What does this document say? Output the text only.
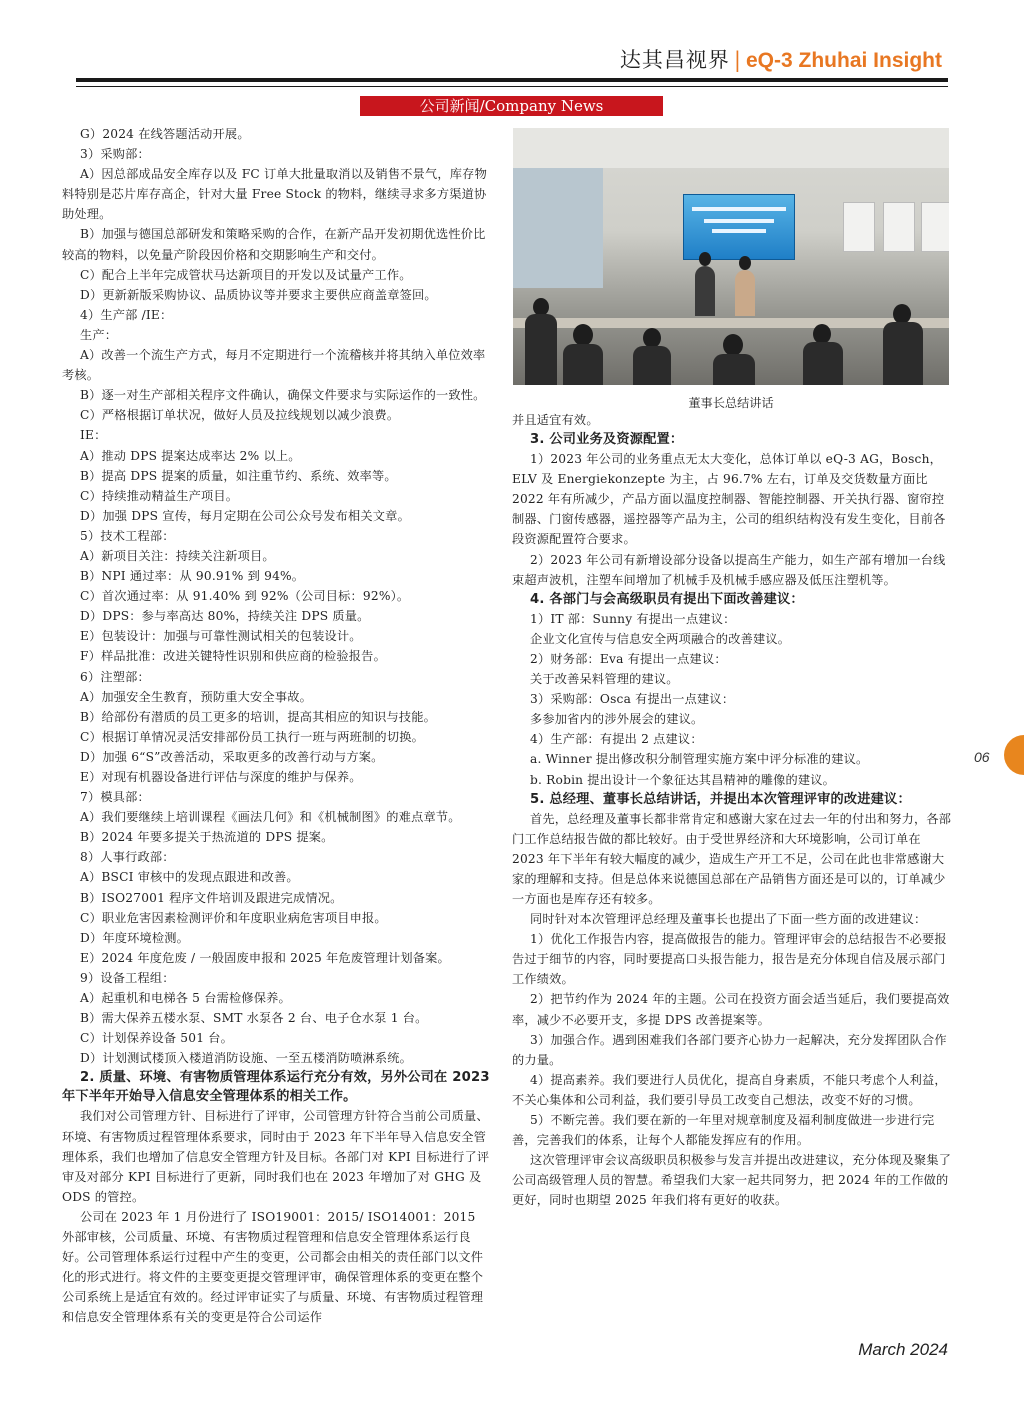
达其昌视界 | eQ-3 Zhuhai Insight
公司新闻/Company News

G）2024 在线答题活动开展。

3）采购部：

A）因总部成品安全库存以及 FC 订单大批量取消以及销售不景气，库存物料特别是芯片库存高企，针对大量 Free Stock 的物料，继续寻求多方渠道协助处理。

B）加强与德国总部研发和策略采购的合作，在新产品开发初期优选性价比较高的物料，以免量产阶段因价格和交期影响生产和交付。

C）配合上半年完成管状马达新项目的开发以及试量产工作。

D）更新新版采购协议、品质协议等并要求主要供应商盖章签回。

4）生产部 /IE：

生产：

A）改善一个流生产方式，每月不定期进行一个流稽核并将其纳入单位效率考核。

B）逐一对生产部相关程序文件确认，确保文件要求与实际运作的一致性。

C）严格根据订单状况，做好人员及拉线规划以减少浪费。

IE：

A）推动 DPS 提案达成率达 2% 以上。

B）提高 DPS 提案的质量，如注重节约、系统、效率等。

C）持续推动精益生产项目。

D）加强 DPS 宣传，每月定期在公司公众号发布相关文章。

5）技术工程部：

A）新项目关注：持续关注新项目。

B）NPI 通过率：从 90.91% 到 94%。

C）首次通过率：从 91.40% 到 92%（公司目标：92%）。

D）DPS：参与率高达 80%，持续关注 DPS 质量。

E）包装设计：加强与可靠性测试相关的包装设计。

F）样品批准：改进关键特性识别和供应商的检验报告。

6）注塑部：

A）加强安全生教育，预防重大安全事故。

B）给部份有潜质的员工更多的培训，提高其相应的知识与技能。

C）根据订单情况灵活安排部份员工执行一班与两班制的切换。

D）加强 6“S”改善活动，采取更多的改善行动与方案。

E）对现有机器设备进行评估与深度的维护与保养。

7）模具部：

A）我们要继续上培训课程《画法几何》和《机械制图》的难点章节。

B）2024 年要多提关于热流道的 DPS 提案。

8）人事行政部：

A）BSCI 审核中的发现点跟进和改善。

B）ISO27001 程序文件培训及跟进完成情况。

C）职业危害因素检测评价和年度职业病危害项目申报。

D）年度环境检测。

E）2024 年度危废 / 一般固废申报和 2025 年危废管理计划备案。

9）设备工程组：

A）起重机和电梯各 5 台需检修保养。

B）需大保养五楼水泵、SMT 水泵各 2 台、电子仓水泵 1 台。

C）计划保养设备 501 台。

D）计划测试楼顶入楼道消防设施、一至五楼消防喷淋系统。

2. 质量、环境、有害物质管理体系运行充分有效，另外公司在 2023 年下半年开始导入信息安全管理体系的相关工作。

我们对公司管理方针、目标进行了评审，公司管理方针符合当前公司质量、环境、有害物质过程管理体系要求，同时由于 2023 年下半年导入信息安全管理体系，我们也增加了信息安全管理方针及目标。各部门对 KPI 目标进行了评审及对部分 KPI 目标进行了更新，同时我们也在 2023 年增加了对 GHG 及 ODS 的管控。

公司在 2023 年 1 月份进行了 ISO19001：2015/ ISO14001：2015 外部审核，公司质量、环境、有害物质过程管理和信息安全管理体系运行良好。公司管理体系运行过程中产生的变更，公司都会由相关的责任部门以文件化的形式进行。将文件的主要变更提交管理评审，确保管理体系的变更在整个公司系统上是适宜有效的。经过评审证实了与质量、环境、有害物质过程管理和信息安全管理体系有关的变更是符合公司运作

董事长总结讲话

并且适宜有效。

3. 公司业务及资源配置：

1）2023 年公司的业务重点无太大变化，总体订单以 eQ-3 AG，Bosch，ELV 及 Energiekonzepte 为主，占 96.7% 左右，订单及交货数量方面比 2022 年有所减少，产品方面以温度控制器、智能控制器、开关执行器、窗帘控制器、门窗传感器，遥控器等产品为主，公司的组织结构没有发生变化，目前各段资源配置符合要求。

2）2023 年公司有新增设部分设备以提高生产能力，如生产部有增加一台线束超声波机，注塑车间增加了机械手及机械手感应器及低压注塑机等。

4. 各部门与会高级职员有提出下面改善建议：

1）IT 部：Sunny 有提出一点建议：

企业文化宣传与信息安全两项融合的改善建议。

2）财务部：Eva 有提出一点建议：

关于改善呆料管理的建议。

3）采购部：Osca 有提出一点建议：

多参加省内的涉外展会的建议。

4）生产部：有提出 2 点建议：

a. Winner 提出修改积分制管理实施方案中评分标准的建议。

b. Robin 提出设计一个象征达其昌精神的雕像的建议。

5. 总经理、董事长总结讲话，并提出本次管理评审的改进建议：

首先，总经理及董事长都非常肯定和感谢大家在过去一年的付出和努力，各部门工作总结报告做的都比较好。由于受世界经济和大环境影响，公司订单在 2023 年下半年有较大幅度的减少，造成生产开工不足，公司在此也非常感谢大家的理解和支持。但是总体来说德国总部在产品销售方面还是可以的，订单减少一方面也是库存还有较多。

同时针对本次管理评总经理及董事长也提出了下面一些方面的改进建议：

1）优化工作报告内容，提高做报告的能力。管理评审会的总结报告不必要报告过于细节的内容，同时要提高口头报告能力，报告是充分体现自信及展示部门工作绩效。

2）把节约作为 2024 年的主题。公司在投资方面会适当延后，我们要提高效率，减少不必要开支，多提 DPS 改善提案等。

3）加强合作。遇到困难我们各部门要齐心协力一起解决，充分发挥团队合作的力量。

4）提高素养。我们要进行人员优化，提高自身素质，不能只考虑个人利益，不关心集体和公司利益，我们要引导员工改变自己想法，改变不好的习惯。

5）不断完善。我们要在新的一年里对规章制度及福利制度做进一步进行完善，完善我们的体系，让每个人都能发挥应有的作用。

这次管理评审会议高级职员积极参与发言并提出改进建议，充分体现及聚集了公司高级管理人员的智慧。希望我们大家一起共同努力，把 2024 年的工作做的更好，同时也期望 2025 年我们将有更好的收获。

06
March 2024
